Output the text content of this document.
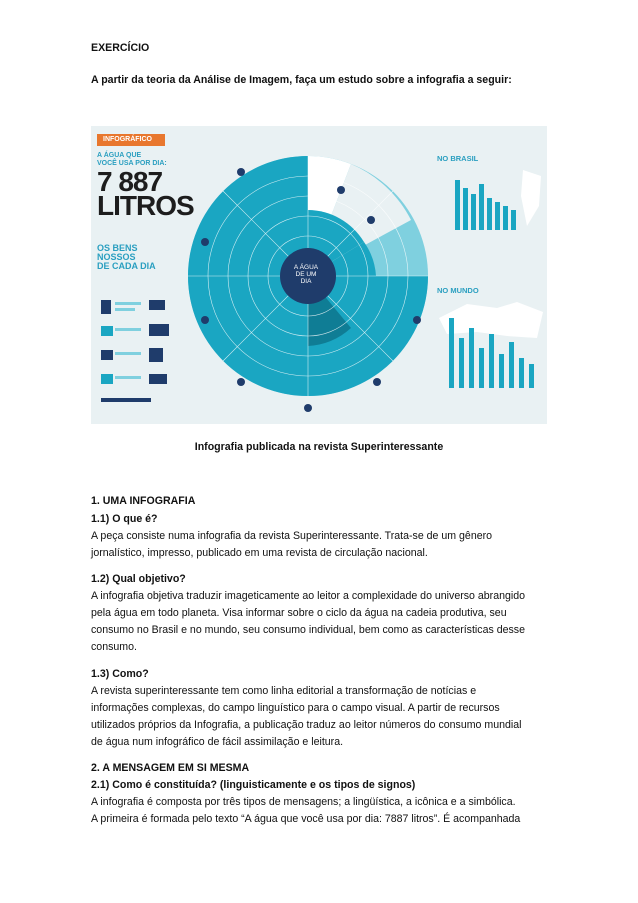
EXERCÍCIO
A partir da teoria da Análise de Imagem, faça um estudo sobre a infografia a seguir:
INFOGRÁFICO
A ÁGUA QUE
VOCÊ USA POR DIA:
7 887
LITROS
OS BENS
NOSSOS
DE CADA DIA	A ÁGUA
DE UM
DIA
NO BRASIL
NO MUNDO
Infografia publicada na revista Superinteressante
1. UMA INFOGRAFIA
1.1) O que é?
A peça consiste numa infografia da revista Superinteressante. Trata-se de um gênero
jornalístico, impresso, publicado em uma revista de circulação nacional.
1.2) Qual objetivo?
A infografia objetiva traduzir imageticamente ao leitor a complexidade do universo abrangido
pela água em todo planeta. Visa informar sobre o ciclo da água na cadeia produtiva, seu
consumo no Brasil e no mundo, seu consumo individual, bem como as características desse
consumo.
1.3) Como?
A revista superinteressante tem como linha editorial a transformação de notícias e
informações complexas, do campo linguístico para o campo visual. A partir de recursos
utilizados próprios da Infografia, a publicação traduz ao leitor números do consumo mundial
de água num infográfico de fácil assimilação e leitura.
2. A MENSAGEM EM SI MESMA
2.1) Como é constituída? (linguisticamente e os tipos de signos)
A infografia é composta por três tipos de mensagens; a lingüística, a icônica e a simbólica.
A primeira é formada pelo texto “A água que você usa por dia: 7887 litros”. É acompanhada
